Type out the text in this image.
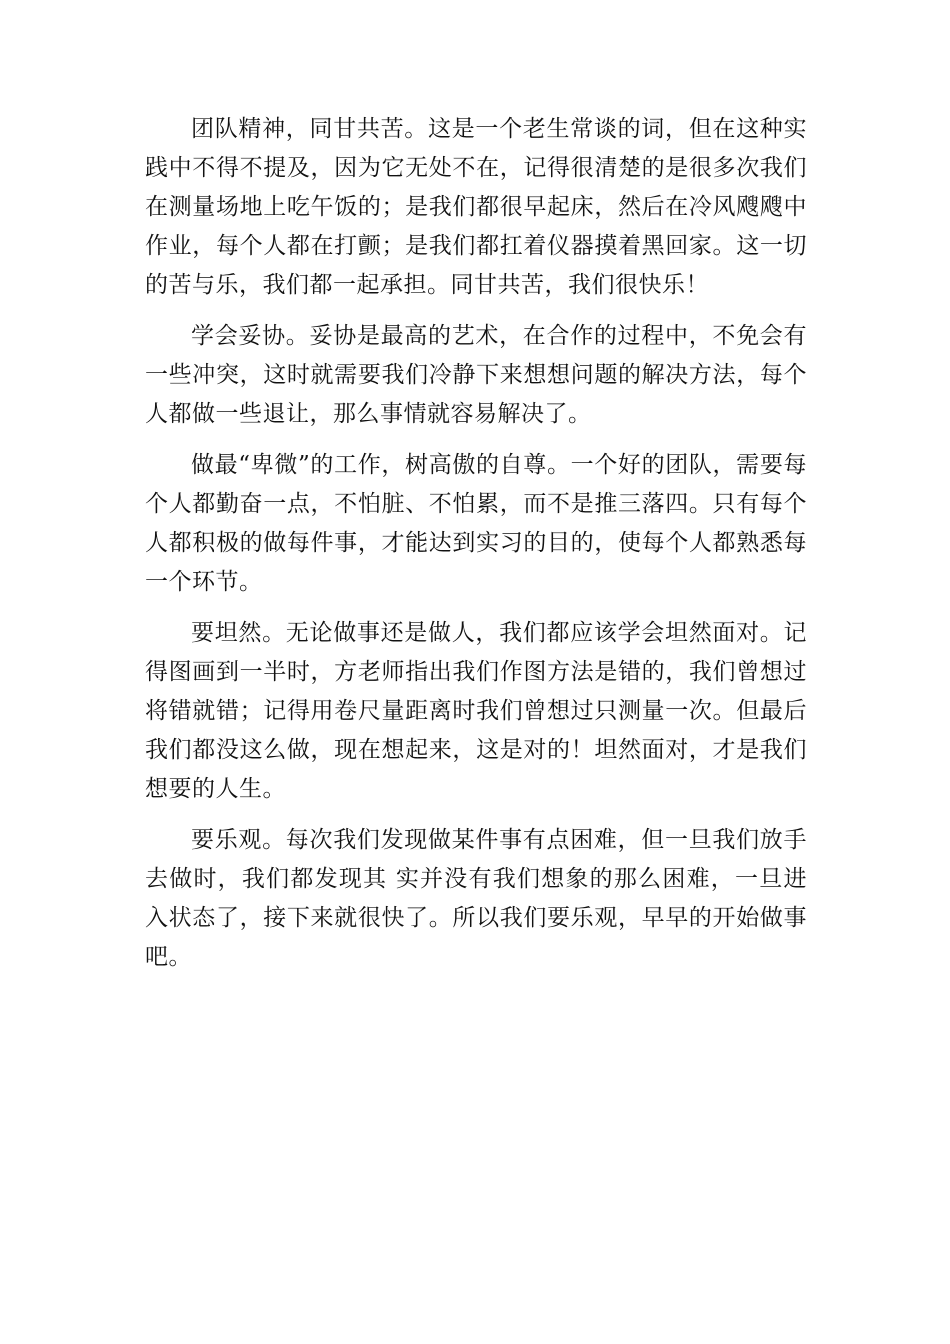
团队精神，同甘共苦。这是一个老生常谈的词，但在这种实践中不得不提及，因为它无处不在，记得很清楚的是很多次我们在测量场地上吃午饭的；是我们都很早起床，然后在冷风飕飕中作业，每个人都在打颤；是我们都扛着仪器摸着黑回家。这一切的苦与乐，我们都一起承担。同甘共苦，我们很快乐！

学会妥协。妥协是最高的艺术，在合作的过程中，不免会有一些冲突，这时就需要我们冷静下来想想问题的解决方法，每个人都做一些退让，那么事情就容易解决了。

做最“卑微”的工作，树高傲的自尊。一个好的团队，需要每个人都勤奋一点，不怕脏、不怕累，而不是推三落四。只有每个人都积极的做每件事，才能达到实习的目的，使每个人都熟悉每一个环节。

要坦然。无论做事还是做人，我们都应该学会坦然面对。记得图画到一半时，方老师指出我们作图方法是错的，我们曾想过将错就错；记得用卷尺量距离时我们曾想过只测量一次。但最后我们都没这么做，现在想起来，这是对的！坦然面对，才是我们想要的人生。

要乐观。每次我们发现做某件事有点困难，但一旦我们放手去做时，我们都发现其 实并没有我们想象的那么困难，一旦进入状态了，接下来就很快了。所以我们要乐观，早早的开始做事吧。
